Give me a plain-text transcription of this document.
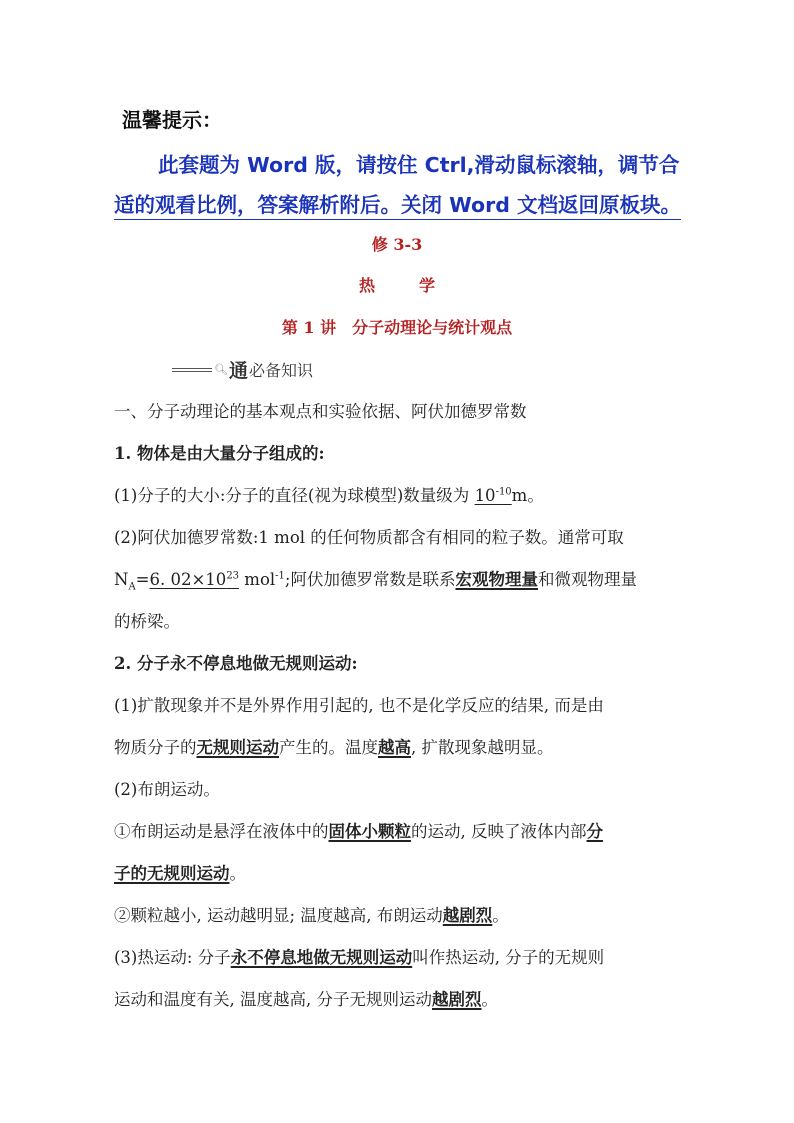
温馨提示：
此套题为 Word 版，请按住 Ctrl,滑动鼠标滚轴，调节合
适的观看比例，答案解析附后。关闭 Word 文档返回原板块。
修 3-3
热	学
第 1 讲　分子动理论与统计观点
🔍︎ 通 必备知识
一、分子动理论的基本观点和实验依据、阿伏加德罗常数
1. 物体是由大量分子组成的:
(1)分子的大小:分子的直径(视为球模型)数量级为 $10^{-10}m$。
(2)阿伏加德罗常数:1 mol 的任何物质都含有相同的粒子数。通常可取
$N_A=6$. $02\times 10^{23}$ mol$^{-1}$;阿伏加德罗常数是联系宏观物理量和微观物理量
的桥梁。
2. 分子永不停息地做无规则运动:
(1)扩散现象并不是外界作用引起的, 也不是化学反应的结果, 而是由
物质分子的无规则运动产生的。温度越高, 扩散现象越明显。
(2)布朗运动。
①布朗运动是悬浮在液体中的固体小颗粒的运动, 反映了液体内部分
子的无规则运动。
②颗粒越小, 运动越明显; 温度越高, 布朗运动越剧烈。
(3)热运动: 分子永不停息地做无规则运动叫作热运动, 分子的无规则
运动和温度有关, 温度越高, 分子无规则运动越剧烈。
